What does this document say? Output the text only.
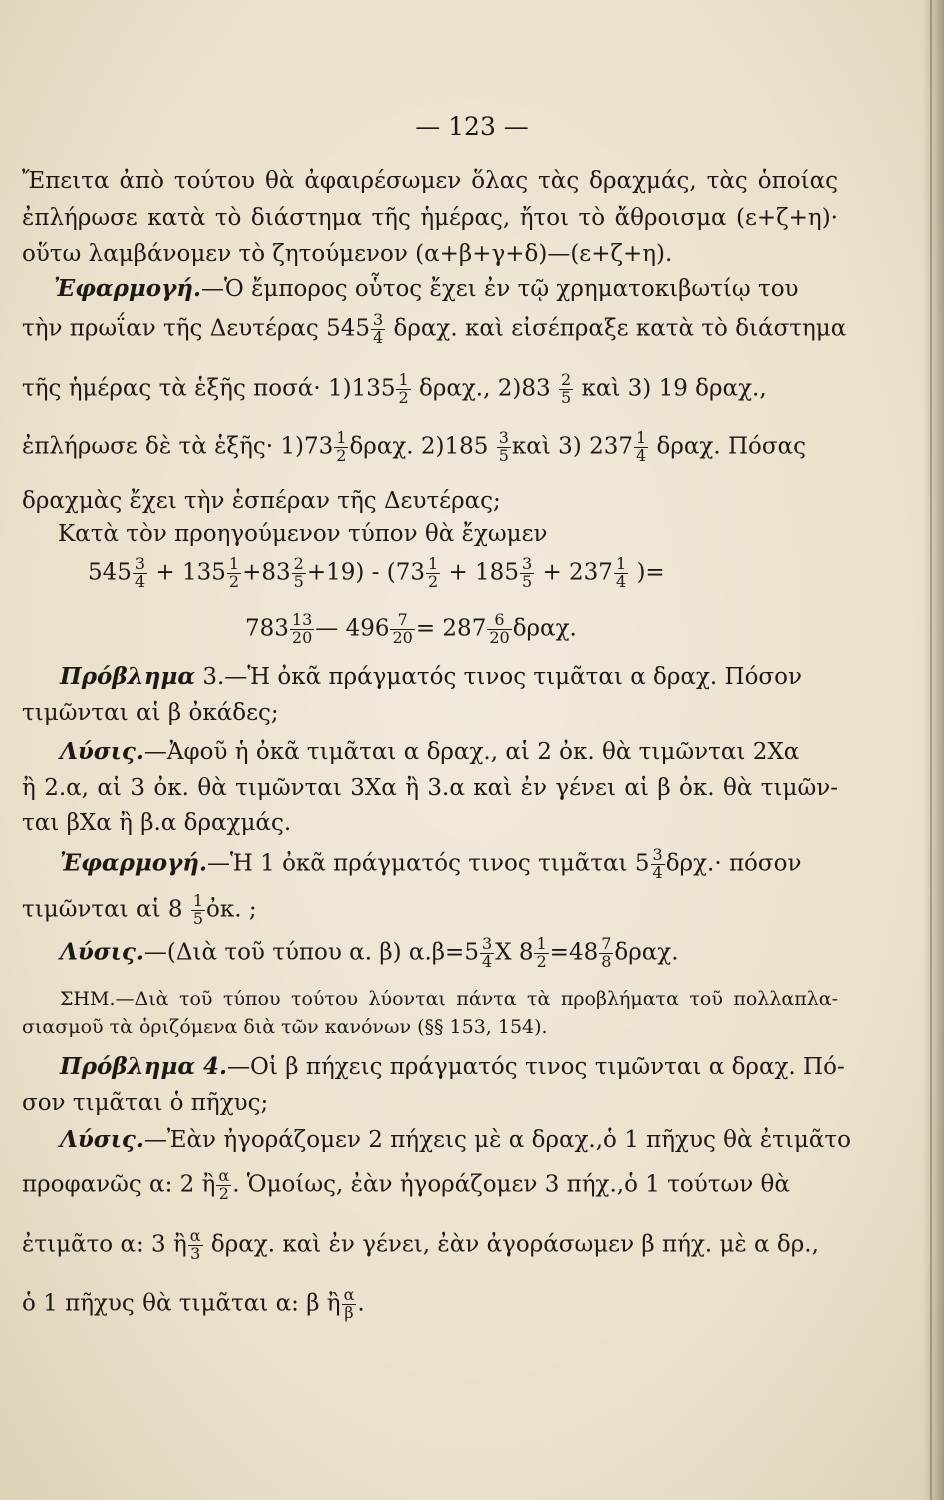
— 123 —
Ἔπειτα ἀπὸ τούτου θὰ ἀφαιρέσωμεν ὅλας τὰς δραχμάς, τὰς ὁποίας
ἐπλήρωσε κατὰ τὸ διάστημα τῆς ἡμέρας, ἤτοι τὸ ἄθροισμα (ε+ζ+η)·
οὕτω λαμβάνομεν τὸ ζητούμενον (α+β+γ+δ)—(ε+ζ+η).
Ἐφαρμογή.—Ὁ ἔμπορος οὗτος ἔχει ἐν τῷ χρηματοκιβωτίῳ του
τὴν πρωΐαν τῆς Δευτέρας $545 \frac{3}{4} \delta\rho\alpha\chi$. καὶ εἰσέπραξε κατὰ τὸ διάστημα
τῆς ἡμέρας τὰ ἑξῆς $\pi o\sigma ά\cdot 1)135 \frac{1}{2} \delta\rho\alpha\chi$., $2)83 \frac{2}{5}$ καὶ 3) 19 δραχ.,
ἐπλήρωσε δὲ τὰ ἑξῆς· $1)73 \frac{1}{2} \delta\rho\alpha\chi$. $2)185 \frac{3}{5}$ καὶ 3) $237 \frac{1}{4} \delta\rho\alpha\chi$. Πόσας
δραχμὰς ἔχει τὴν ἑσπέραν τῆς Δευτέρας;
Κατὰ τὸν προηγούμενον τύπον θὰ ἔχωμεν
$545 \frac{3}{4} + 135 \frac{1}{2} +83 \frac{2}{5} +19) - (73 \frac{1}{2} + 185 \frac{3}{5} + 237 \frac{1}{4}$ )=
$783 \frac{13}{20}$ — $496 \frac{7}{20} = 287 \frac{6}{20} \delta\rho\alpha\chi$.
Πρόβλημα 3.—Ἡ ὀκᾶ πράγματός τινος τιμᾶται α δραχ. Πόσον
τιμῶνται αἱ β ὀκάδες;
Λύσις.—Ἀφοῦ ἡ ὀκᾶ τιμᾶται α δραχ., αἱ 2 ὀκ. θὰ τιμῶνται 2Xα
ἢ 2.α, αἱ 3 ὀκ. θὰ τιμῶνται 3Xα ἢ 3.α καὶ ἐν γένει αἱ β ὀκ. θὰ τιμῶν-
ται βXα ἢ β.α δραχμάς.
Ἐφαρμογή.—Ἡ 1 ὀκᾶ πράγματός τινος τιμᾶται $5 \frac{3}{4} \delta\rho\chi.\cdot \pi ό\sigma o\nu$
τιμῶνται αἱ $8 \frac{1}{5}$ ὀκ. ;
Λύσις.—(Διὰ τοῦ τύπου α. β) $\alpha.\beta=5 \frac{3}{4}$ X $8 \frac{1}{2} =48 \frac{7}{8} \delta\rho\alpha\chi$.
ΣΗΜ.—Διὰ τοῦ τύπου τούτου λύονται πάντα τὰ προβλήματα τοῦ πολλαπλα-
σιασμοῦ τὰ ὁριζόμενα διὰ τῶν κανόνων (§§ 153, 154).
Πρόβλημα 4.—Οἱ β πήχεις πράγματός τινος τιμῶνται α δραχ. Πό-
σον τιμᾶται ὁ πῆχυς;
Λύσις.—Ἐὰν ἠγοράζομεν 2 πήχεις μὲ α δραχ.,ὁ 1 πῆχυς θὰ ἐτιμᾶτο
προφανῶς α: 2 ἢ $\frac{\alpha}{2}$ . Ὁμοίως, ἐὰν ἠγοράζομεν 3 πήχ.,ὁ 1 τούτων θὰ
ἐτιμᾶτο α: 3 ἢ $\frac{\alpha}{3} \delta\rho\alpha\chi$. καὶ ἐν γένει, ἐὰν ἀγοράσωμεν β πήχ. μὲ α δρ.,
ὁ 1 πῆχυς θὰ τιμᾶται α: β ἢ $\frac{\alpha}{\beta}$ .
